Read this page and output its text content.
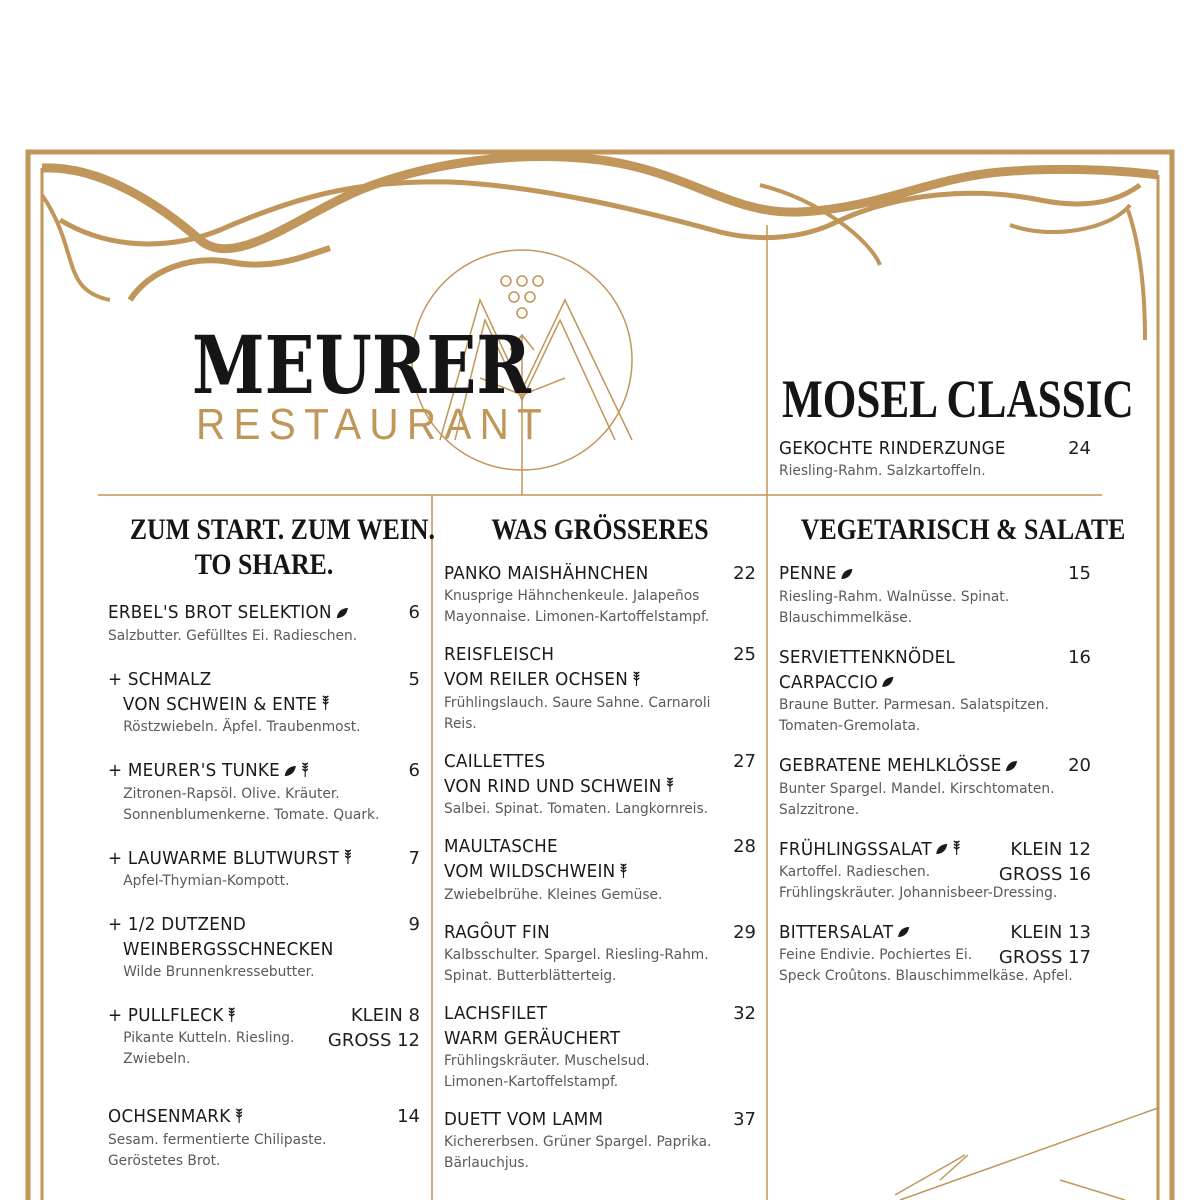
MEURER
RESTAURANT	MOSEL CLASSIC
GEKOCHTE RINDERZUNGE	24
Riesling-Rahm. Salzkartoffeln.
ZUM START. ZUM WEIN.
TO SHARE.
ERBEL'S BROT SELEKTION	6
Salzbutter. Gefülltes Ei. Radieschen.
+ SCHMALZ
VON SCHWEIN & ENTE
5
Röstzwiebeln. Äpfel. Traubenmost.
+ MEURER'S TUNKE	6
Zitronen-Rapsöl. Olive. Kräuter.
Sonnenblumenkerne. Tomate. Quark.
+ LAUWARME BLUTWURST	7
Apfel-Thymian-Kompott.
+ 1/2 DUTZEND
WEINBERGSSCHNECKEN
9
Wilde Brunnenkressebutter.
+ PULLFLECK	KLEIN 8
GROSS 12
Pikante Kutteln. Riesling.
Zwiebeln.
OCHSENMARK	14
Sesam. fermentierte Chilipaste.
Geröstetes Brot.
WAS GRÖSSERES
PANKO MAISHÄHNCHEN	22
Knusprige Hähnchenkeule. Jalapeños
Mayonnaise. Limonen-Kartoffelstampf.
REISFLEISCH
VOM REILER OCHSEN
25
Frühlingslauch. Saure Sahne. Carnaroli Reis.
CAILLETTES
VON RIND UND SCHWEIN
27
Salbei. Spinat. Tomaten. Langkornreis.
MAULTASCHE
VOM WILDSCHWEIN
28
Zwiebelbrühe. Kleines Gemüse.
RAGÔUT FIN	29
Kalbsschulter. Spargel. Riesling-Rahm.
Spinat. Butterblätterteig.
LACHSFILET
WARM GERÄUCHERT
32
Frühlingskräuter. Muschelsud.
Limonen-Kartoffelstampf.
DUETT VOM LAMM	37
Kichererbsen. Grüner Spargel. Paprika.
Bärlauchjus.
VEGETARISCH & SALATE
PENNE	15
Riesling-Rahm. Walnüsse. Spinat.
Blauschimmelkäse.
SERVIETTENKNÖDEL
CARPACCIO
16
Braune Butter. Parmesan. Salatspitzen.
Tomaten-Gremolata.
GEBRATENE MEHLKLÖSSE	20
Bunter Spargel. Mandel. Kirschtomaten.
Salzzitrone.
FRÜHLINGSSALAT	KLEIN 12
GROSS 16
Kartoffel. Radieschen.
Frühlingskräuter. Johannisbeer-Dressing.
BITTERSALAT	KLEIN 13
GROSS 17
Feine Endivie. Pochiertes Ei.
Speck Croûtons. Blauschimmelkäse. Apfel.
